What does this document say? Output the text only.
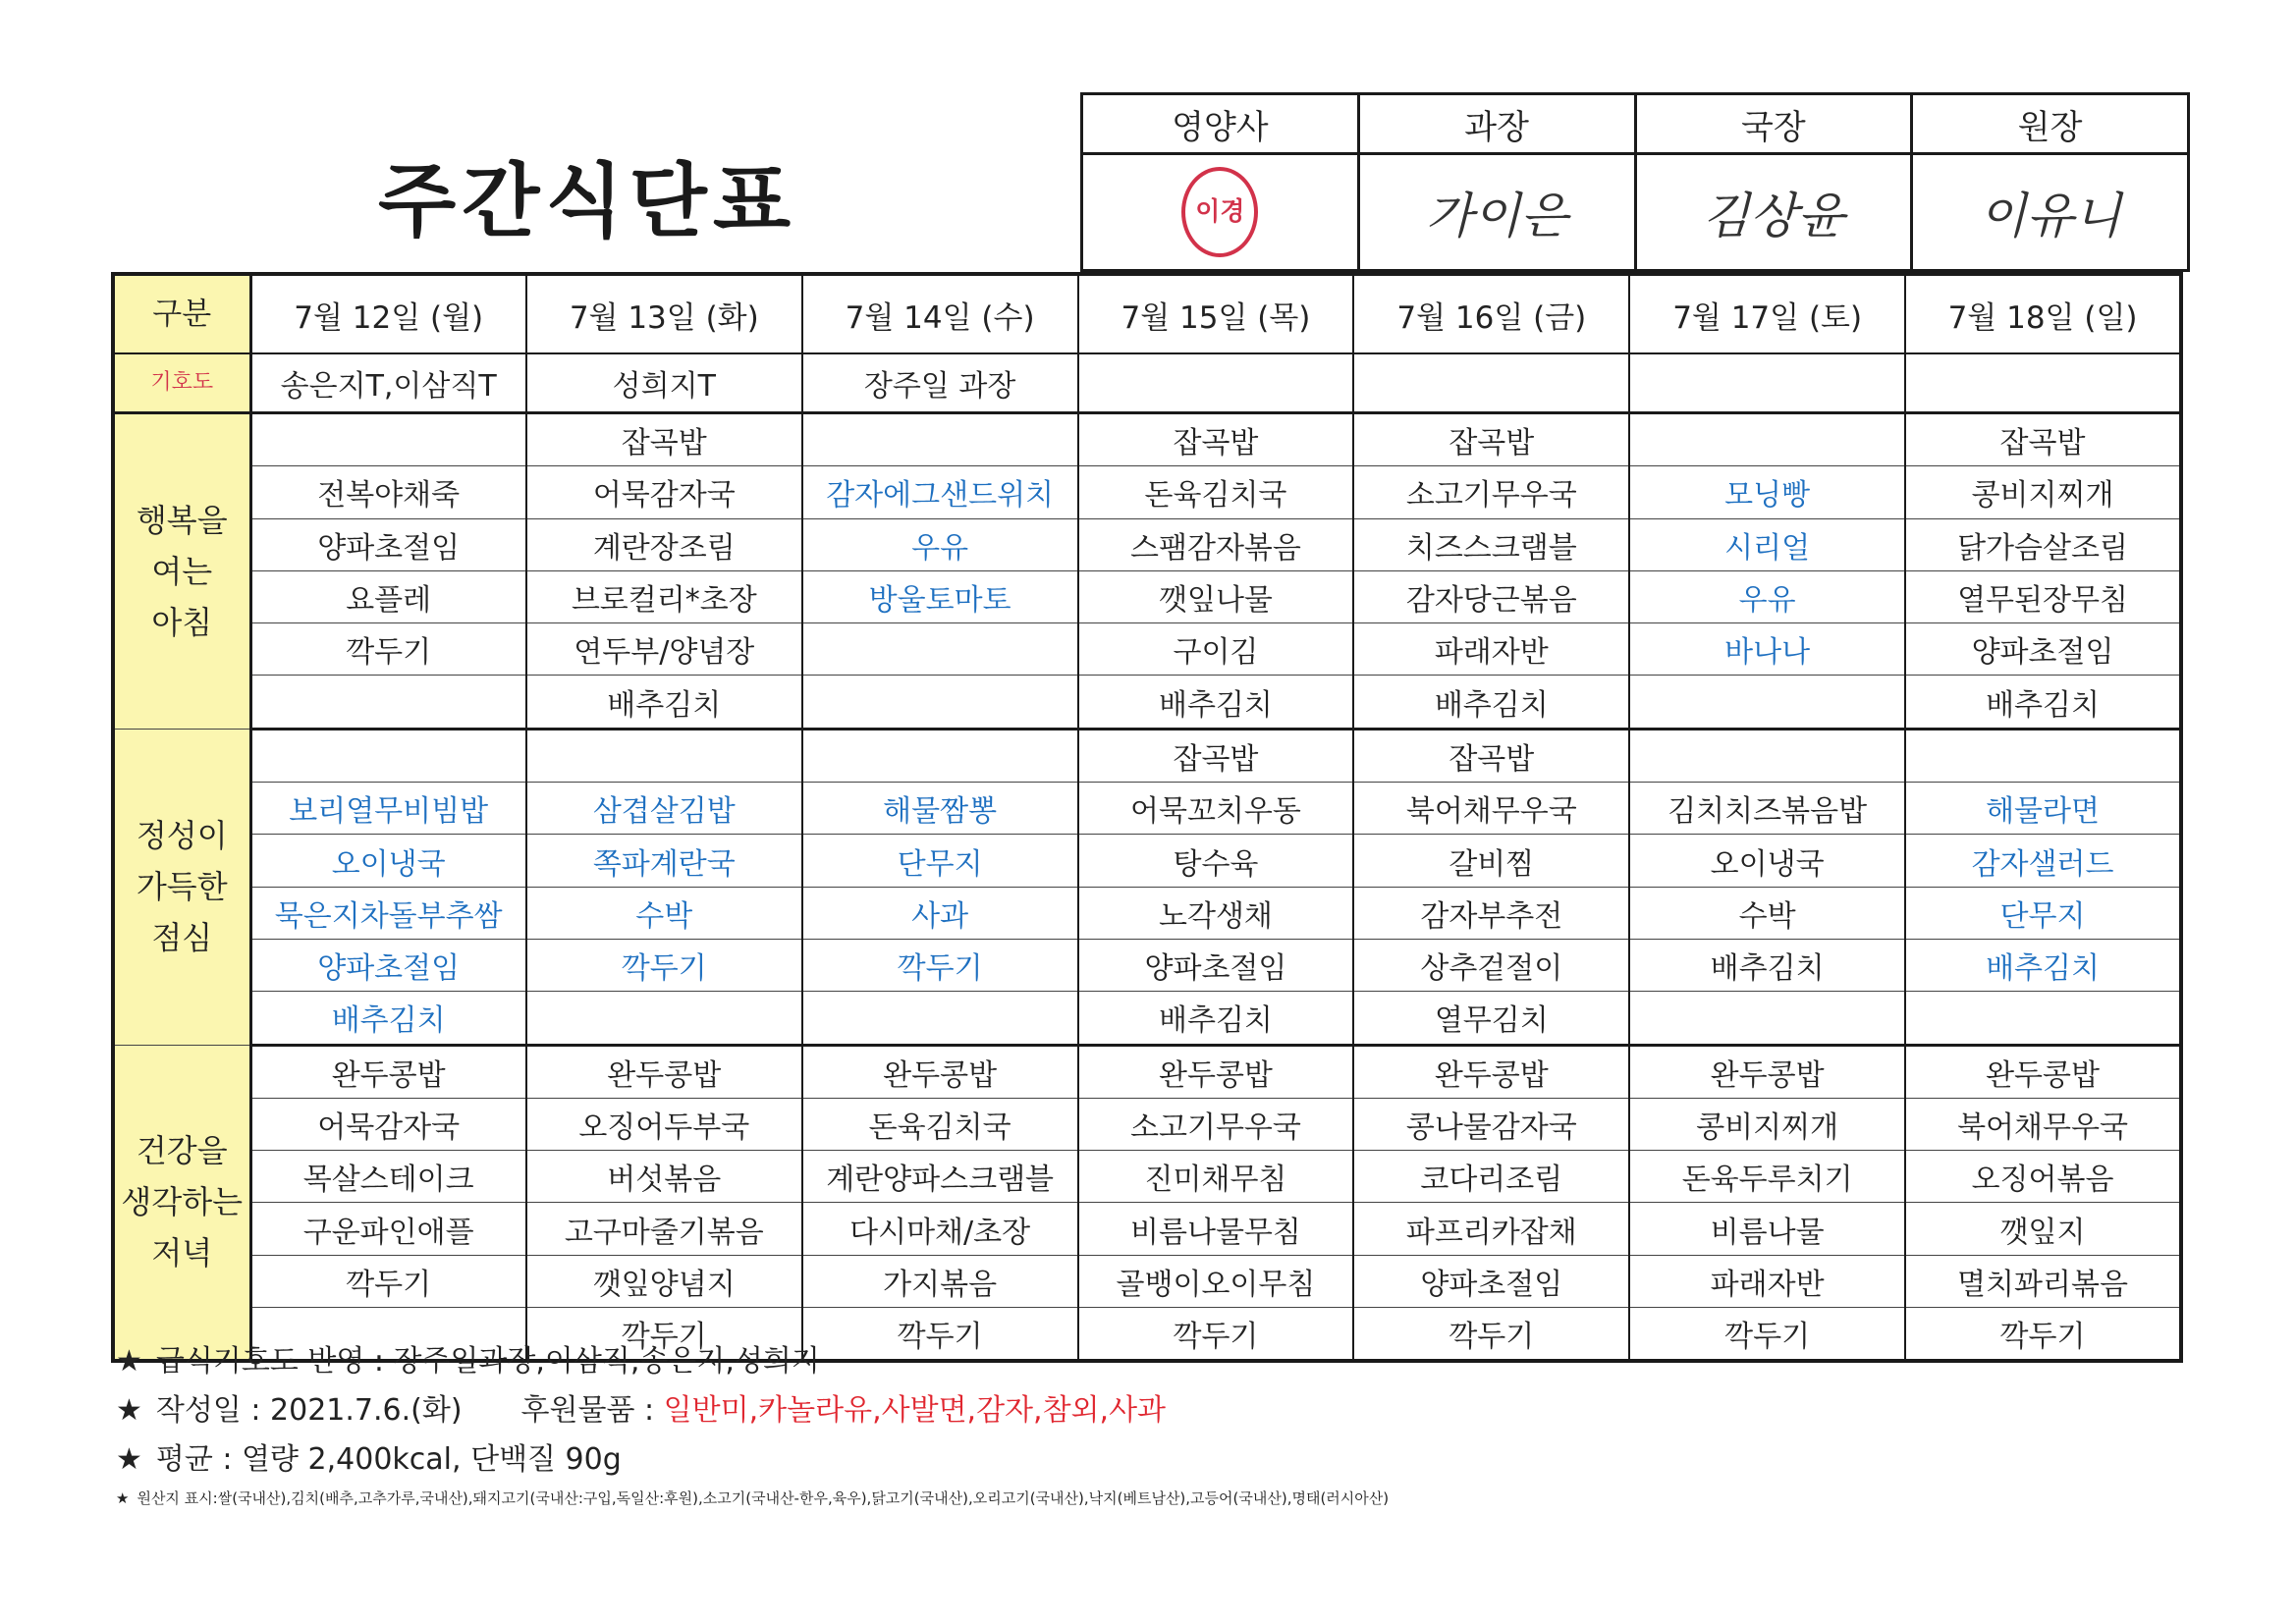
주간식단표
영양사	과장	국장	원장
이경	가이은	김상윤	이유니
구분	7월 12일 (월)	7월 13일 (화)	7월 14일 (수)	7월 15일 (목)	7월 16일 (금)	7월 17일 (토)	7월 18일 (일)
기호도	송은지T,이삼직T	성희지T	장주일 과장				

행복을
여는
아침		잡곡밥		잡곡밥	잡곡밥		잡곡밥
	전복야채죽	어묵감자국	감자에그샌드위치	돈육김치국	소고기무우국	모닝빵	콩비지찌개
	양파초절임	계란장조림	우유	스팸감자볶음	치즈스크램블	시리얼	닭가슴살조림
	요플레	브로컬리*초장	방울토마토	깻잎나물	감자당근볶음	우유	열무된장무침
	깍두기	연두부/양념장		구이김	파래자반	바나나	양파초절임
		배추김치		배추김치	배추김치		배추김치

정성이
가득한
점심				잡곡밥	잡곡밥		
	보리열무비빔밥	삼겹살김밥	해물짬뽕	어묵꼬치우동	북어채무우국	김치치즈볶음밥	해물라면
	오이냉국	쪽파계란국	단무지	탕수육	갈비찜	오이냉국	감자샐러드
	묵은지차돌부추쌈	수박	사과	노각생채	감자부추전	수박	단무지
	양파초절임	깍두기	깍두기	양파초절임	상추겉절이	배추김치	배추김치
	배추김치			배추김치	열무김치		

건강을
생각하는
저녁	완두콩밥	완두콩밥	완두콩밥	완두콩밥	완두콩밥	완두콩밥	완두콩밥
	어묵감자국	오징어두부국	돈육김치국	소고기무우국	콩나물감자국	콩비지찌개	북어채무우국
	목살스테이크	버섯볶음	계란양파스크램블	진미채무침	코다리조림	돈육두루치기	오징어볶음
	구운파인애플	고구마줄기볶음	다시마채/초장	비름나물무침	파프리카잡채	비름나물	깻잎지
	깍두기	깻잎양념지	가지볶음	골뱅이오이무침	양파초절임	파래자반	멸치꽈리볶음
		깍두기	깍두기	깍두기	깍두기	깍두기	깍두기
★ 급식기호도 반영 : 장주일과장,이삼직,송은지,성희지
★ 작성일 : 2021.7.6.(화) 후원물품 : 일반미,카놀라유,사발면,감자,참외,사과
★ 평균 : 열량 2,400kcal, 단백질 90g
★ 원산지 표시:쌀(국내산),김치(배추,고추가루,국내산),돼지고기(국내산:구입,독일산:후원),소고기(국내산-한우,육우),닭고기(국내산),오리고기(국내산),낙지(베트남산),고등어(국내산),명태(러시아산)
